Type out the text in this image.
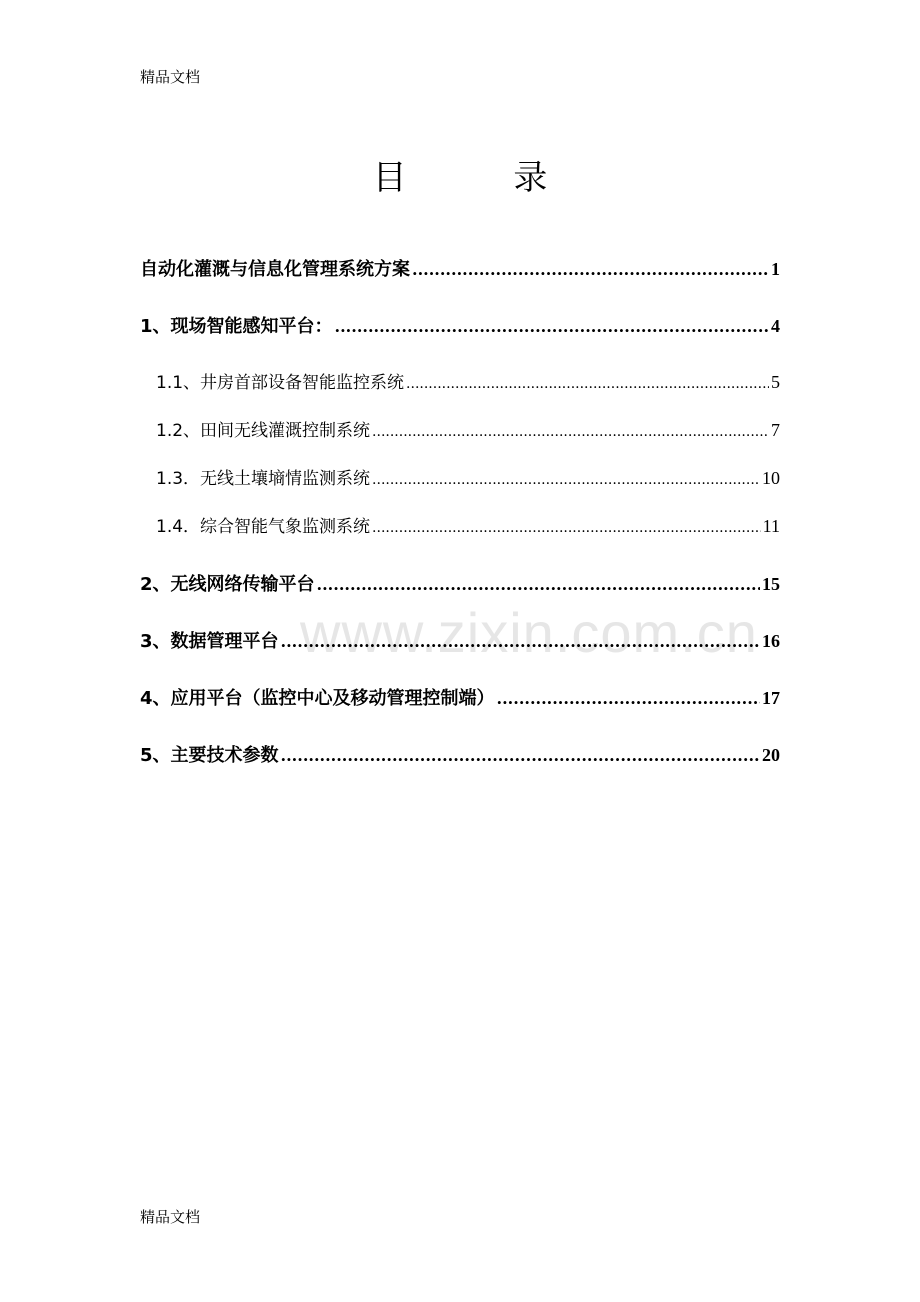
精品文档
目 录
www.zixin.com.cn
自动化灌溉与信息化管理系统方案 .....	1
1、现场智能感知平台： .....	4
1.1、井房首部设备智能监控系统 .....	5
1.2、田间无线灌溉控制系统 .....	7
1.3．无线土壤墒情监测系统 .....	10
1.4．综合智能气象监测系统 .....	11
2、无线网络传输平台 .....	15
3、数据管理平台 .....	16
4、应用平台（监控中心及移动管理控制端） .....	17
5、主要技术参数 .....	20
精品文档
